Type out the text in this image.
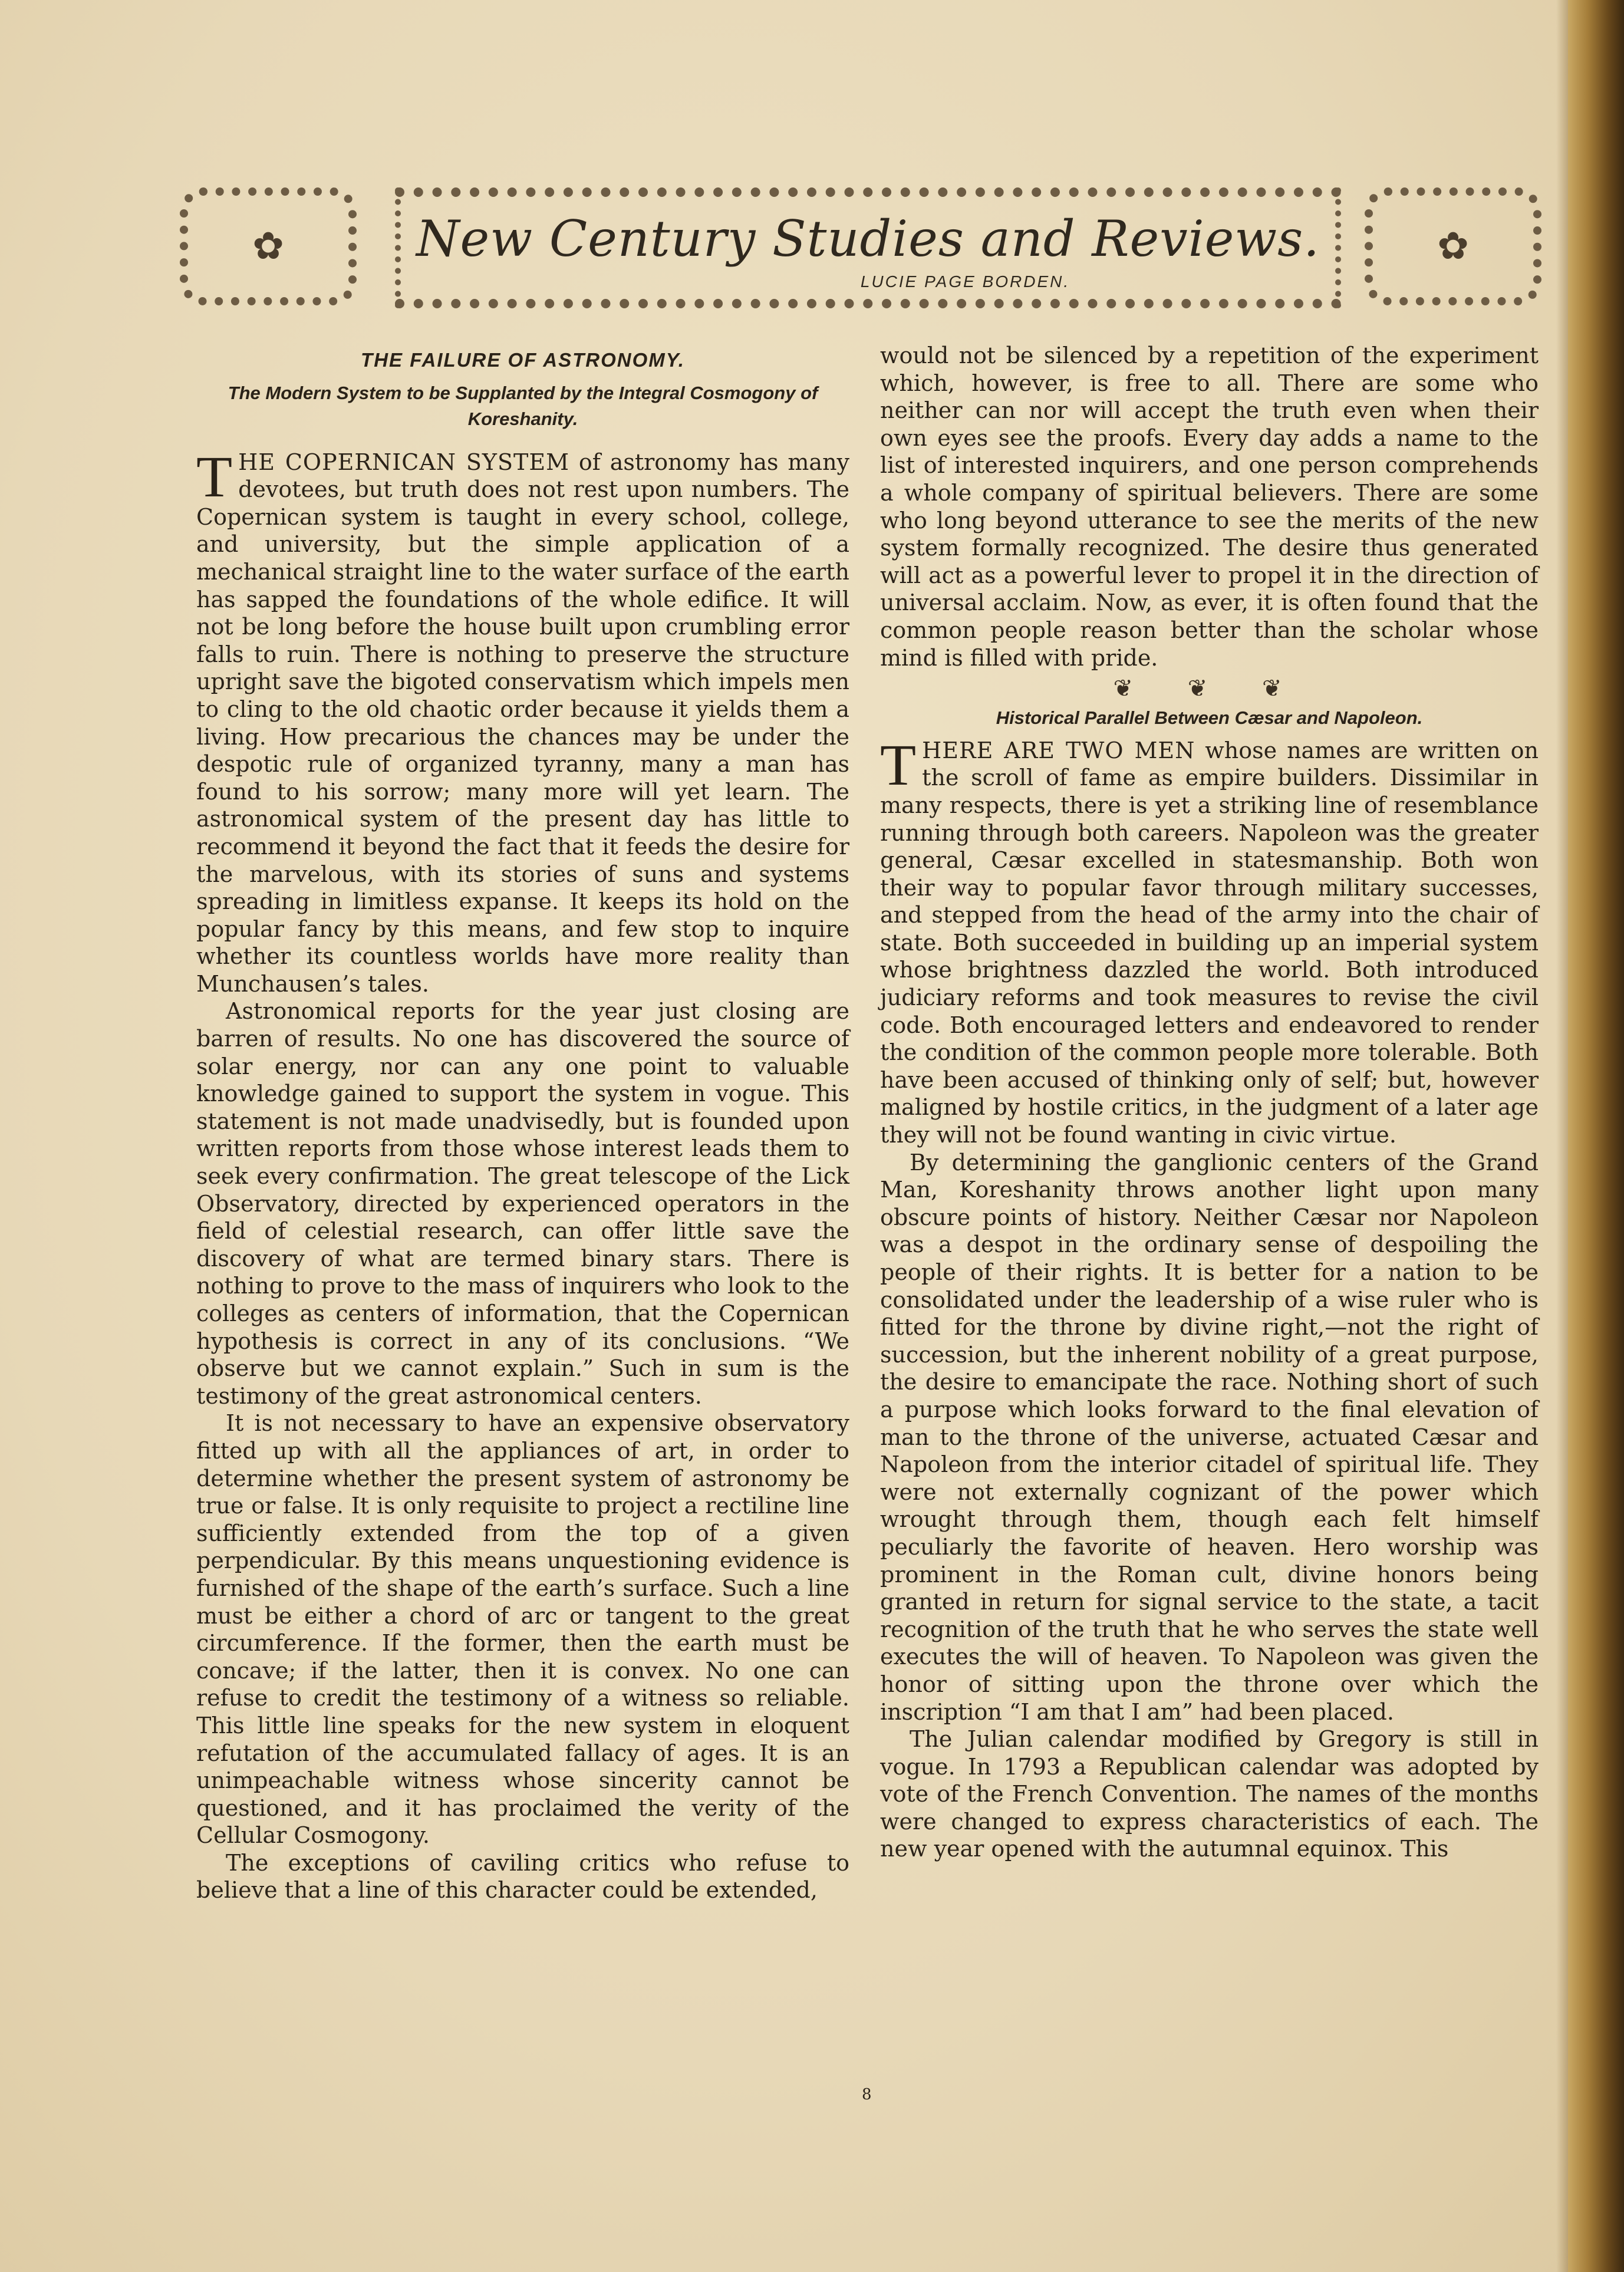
✿	New Century Studies and Reviews.
LUCIE PAGE BORDEN.
✿
THE FAILURE OF ASTRONOMY.
The Modern System to be Supplanted by the Integral Cosmogony of Koreshanity.

THE COPERNICAN SYSTEM of astronomy has many devotees, but truth does not rest upon numbers. The Copernican system is taught in every school, college, and university, but the simple application of a mechanical straight line to the water surface of the earth has sapped the foundations of the whole edifice. It will not be long before the house built upon crumbling error falls to ruin. There is nothing to preserve the structure upright save the bigoted conservatism which impels men to cling to the old chaotic order because it yields them a living. How precarious the chances may be under the despotic rule of organized tyranny, many a man has found to his sorrow; many more will yet learn. The astronomical system of the present day has little to recommend it beyond the fact that it feeds the desire for the marvelous, with its stories of suns and systems spreading in limitless expanse. It keeps its hold on the popular fancy by this means, and few stop to inquire whether its countless worlds have more reality than Munchausen’s tales.

Astronomical reports for the year just closing are barren of results. No one has discovered the source of solar energy, nor can any one point to valuable knowledge gained to support the system in vogue. This statement is not made unadvisedly, but is founded upon written reports from those whose interest leads them to seek every confirmation. The great telescope of the Lick Observatory, directed by experienced operators in the field of celestial research, can offer little save the discovery of what are termed binary stars. There is nothing to prove to the mass of inquirers who look to the colleges as centers of information, that the Copernican hypothesis is correct in any of its conclusions. “We observe but we cannot explain.” Such in sum is the testimony of the great astronomical centers.

It is not necessary to have an expensive observatory fitted up with all the appliances of art, in order to determine whether the present system of astronomy be true or false. It is only requisite to project a rectiline line sufficiently extended from the top of a given perpendicular. By this means unquestioning evidence is furnished of the shape of the earth’s surface. Such a line must be either a chord of arc or tangent to the great circumference. If the former, then the earth must be concave; if the latter, then it is convex. No one can refuse to credit the testimony of a witness so reliable. This little line speaks for the new system in eloquent refutation of the accumulated fallacy of ages. It is an unimpeachable witness whose sincerity cannot be questioned, and it has proclaimed the verity of the Cellular Cosmogony.

The exceptions of caviling critics who refuse to believe that a line of this character could be extended,

would not be silenced by a repetition of the experiment which, however, is free to all. There are some who neither can nor will accept the truth even when their own eyes see the proofs. Every day adds a name to the list of interested inquirers, and one person comprehends a whole company of spiritual believers. There are some who long beyond utterance to see the merits of the new system formally recognized. The desire thus generated will act as a powerful lever to propel it in the direction of universal acclaim. Now, as ever, it is often found that the common people reason better than the scholar whose mind is filled with pride.

❦ ❦ ❦
Historical Parallel Between Cæsar and Napoleon.

THERE ARE TWO MEN whose names are written on the scroll of fame as empire builders. Dissimilar in many respects, there is yet a striking line of resemblance running through both careers. Napoleon was the greater general, Cæsar excelled in statesmanship. Both won their way to popular favor through military successes, and stepped from the head of the army into the chair of state. Both succeeded in building up an imperial system whose brightness dazzled the world. Both introduced judiciary reforms and took measures to revise the civil code. Both encouraged letters and endeavored to render the condition of the common people more tolerable. Both have been accused of thinking only of self; but, however maligned by hostile critics, in the judgment of a later age they will not be found wanting in civic virtue.

By determining the ganglionic centers of the Grand Man, Koreshanity throws another light upon many obscure points of history. Neither Cæsar nor Napoleon was a despot in the ordinary sense of despoiling the people of their rights. It is better for a nation to be consolidated under the leadership of a wise ruler who is fitted for the throne by divine right,—not the right of succession, but the inherent nobility of a great purpose, the desire to emancipate the race. Nothing short of such a purpose which looks forward to the final elevation of man to the throne of the universe, actuated Cæsar and Napoleon from the interior citadel of spiritual life. They were not externally cognizant of the power which wrought through them, though each felt himself peculiarly the favorite of heaven. Hero worship was prominent in the Roman cult, divine honors being granted in return for signal service to the state, a tacit recognition of the truth that he who serves the state well executes the will of heaven. To Napoleon was given the honor of sitting upon the throne over which the inscription “I am that I am” had been placed.

The Julian calendar modified by Gregory is still in vogue. In 1793 a Republican calendar was adopted by vote of the French Convention. The names of the months were changed to express characteristics of each. The new year opened with the autumnal equinox. This

8
